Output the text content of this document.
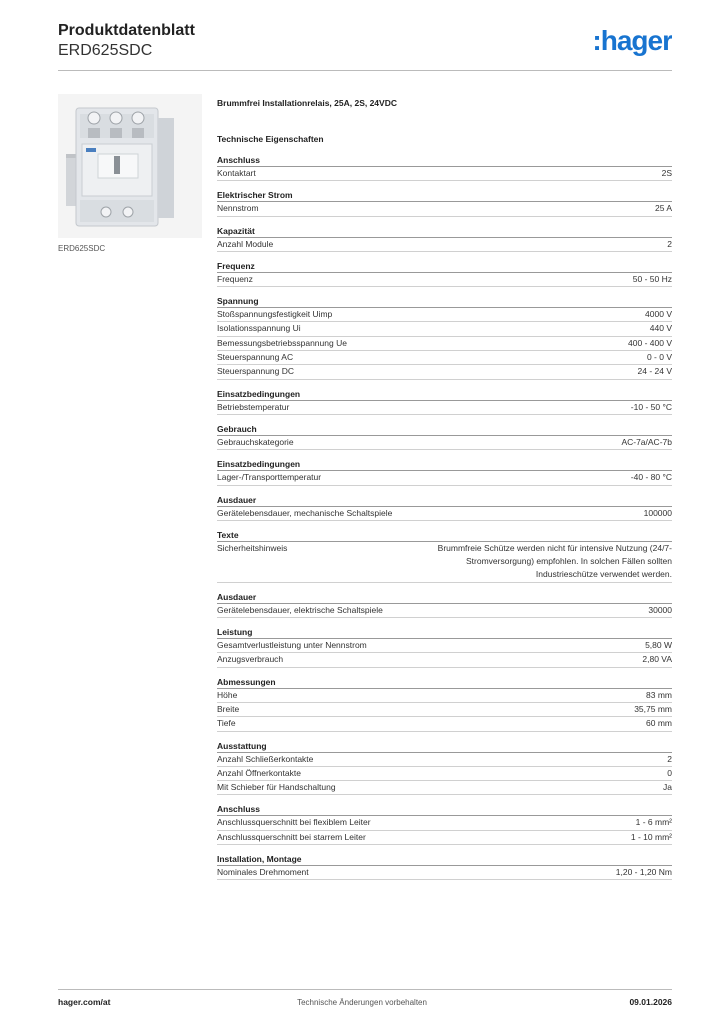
Produktdatenblatt
ERD625SDC	:hager
ERD625SDC
Brummfrei Installationrelais, 25A, 2S, 24VDC
Technische Eigenschaften
Anschluss
Kontaktart	2S
Elektrischer Strom
Nennstrom	25 A
Kapazität
Anzahl Module	2
Frequenz
Frequenz	50 - 50 Hz
Spannung
Stoßspannungsfestigkeit Uimp	4000 V
Isolationsspannung Ui	440 V
Bemessungsbetriebsspannung Ue	400 - 400 V
Steuerspannung AC	0 - 0 V
Steuerspannung DC	24 - 24 V
Einsatzbedingungen
Betriebstemperatur	-10 - 50 °C
Gebrauch
Gebrauchskategorie	AC-7a/AC-7b
Einsatzbedingungen
Lager-/Transporttemperatur	-40 - 80 °C
Ausdauer
Gerätelebensdauer, mechanische Schaltspiele	100000
Texte
Sicherheitshinweis	Brummfreie Schütze werden nicht für intensive Nutzung (24/7-Stromversorgung) empfohlen. In solchen Fällen sollten Industrieschütze verwendet werden.
Ausdauer
Gerätelebensdauer, elektrische Schaltspiele	30000
Leistung
Gesamtverlustleistung unter Nennstrom	5,80 W
Anzugsverbrauch	2,80 VA
Abmessungen
Höhe	83 mm
Breite	35,75 mm
Tiefe	60 mm
Ausstattung
Anzahl Schließerkontakte	2
Anzahl Öffnerkontakte	0
Mit Schieber für Handschaltung	Ja
Anschluss
Anschlussquerschnitt bei flexiblem Leiter	1 - 6 mm²
Anschlussquerschnitt bei starrem Leiter	1 - 10 mm²
Installation, Montage
Nominales Drehmoment	1,20 - 1,20 Nm
hager.com/at	Technische Änderungen vorbehalten	09.01.2026
